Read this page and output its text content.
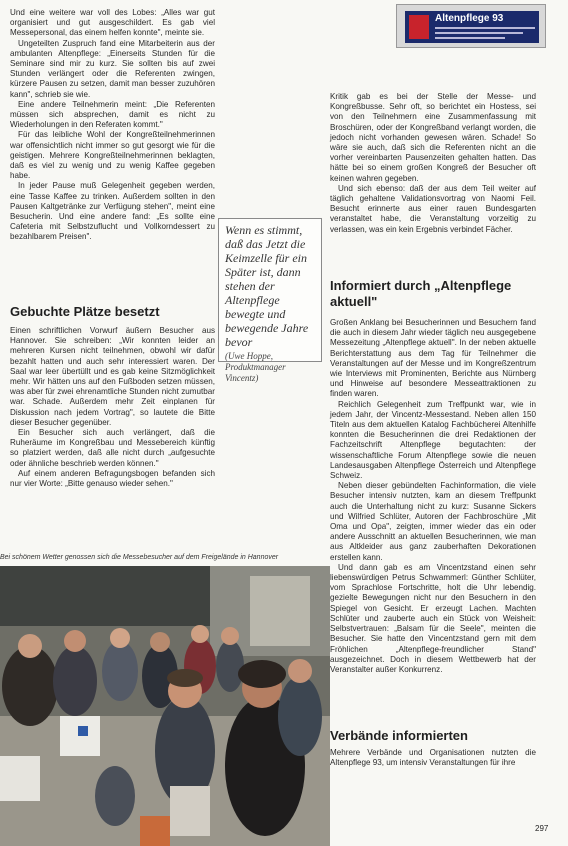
Altenpflege 93

Und eine weitere war voll des Lobes: „Alles war gut organisiert und gut ausgeschildert. Es gab viel Messepersonal, das einem helfen konnte", meinte sie.

Ungeteilten Zuspruch fand eine Mitarbeiterin aus der ambulanten Altenpflege: „Einerseits Stunden für die Seminare sind mir zu kurz. Sie sollten bis auf zwei Stunden verlängert oder die Referenten zwingen, kürzere Pausen zu setzen, damit man besser zuzuhören kann", schrieb sie wie.

Eine andere Teilnehmerin meint: „Die Referenten müssen sich absprechen, damit es nicht zu Wiederholungen in den Referaten kommt."

Für das leibliche Wohl der Kongreßteilnehmerinnen war offensichtlich nicht immer so gut gesorgt wie für die geistigen. Mehrere Kongreßteilnehmerinnen beklagten, daß es viel zu wenig und zu wenig Kaffee gegeben habe.

In jeder Pause muß Gelegenheit gegeben werden, eine Tasse Kaffee zu trinken. Außerdem sollten in den Pausen Kaltgetränke zur Verfügung stehen", meint eine Besucherin. Und eine andere fand: „Es sollte eine Cafeteria mit Selbstzuflucht und Vollkorndessert zu bezahlbarem Preisen".

Gebuchte Plätze besetzt

Einen schriftlichen Vorwurf äußern Besucher aus Hannover. Sie schreiben: „Wir konnten leider an mehreren Kursen nicht teilnehmen, obwohl wir dafür bezahlt hatten und auch sehr interessiert waren. Der Saal war leer übertüllt und es gab keine Sitzmöglichkeit mehr. Wir hätten uns auf den Fußboden setzen müssen, was aber für zwei ehrenamtliche Stunden nicht zumutbar war. Schade. Außerdem mehr Zeit einplanen für Diskussion nach jedem Vortrag", so lautete die Bitte dieser Besucher gegenüber.

Ein Besucher sich auch verlängert, daß die Ruheräume im Kongreßbau und Messebereich künftig so platziert werden, daß alle nicht durch „aufgesuchte oder ähnliche beschrieb werden können."

Auf einem anderen Befragungsbogen befanden sich nur vier Worte: „Bitte genauso wieder sehen."

Wenn es stimmt, daß das Jetzt die Keimzelle für ein Später ist, dann stehen der Altenpflege bewegte und bewegende Jahre bevor
(Uwe Hoppe, Produktmanager Vincentz)

Kritik gab es bei der Stelle der Messe- und Kongreßbusse. Sehr oft, so berichtet ein Hostess, sei von den Teilnehmern eine Zusammenfassung mit Broschüren, oder der Kongreßband verlangt worden, die jedoch nicht vorhanden gewesen wären. Schade! So wäre sie auch, daß sich die Referenten nicht an die vorher vereinbarten Pausenzeiten gehalten hatten. Das hätte bei so einem großen Kongreß der Besucher oft keinen wahren gegeben.

Und sich ebenso: daß der aus dem Teil weiter auf täglich gehaltene Validationsvortrag von Naomi Feil. Besucht erinnerte aus einer rauen Bundesgarten veranstaltet habe, die Veranstaltung vorzeitig zu verlassen, was ein kein Ergebnis verbindet Fächer.

Informiert durch „Altenpflege aktuell"

Großen Anklang bei Besucherinnen und Besuchern fand die auch in diesem Jahr wieder täglich neu ausgegebene Messezeitung „Altenpflege aktuell". In der neben aktuelle Berichterstattung aus dem Tag für Teilnehmer die Veranstaltungen auf der Messe und im Kongreßzentrum wie Interviews mit Prominenten, Berichte aus Nürnberg und Hinweise auf besondere Messeattraktionen zu finden waren.

Reichlich Gelegenheit zum Treffpunkt war, wie in jedem Jahr, der Vincentz-Messestand. Neben allen 150 Titeln aus dem aktuellen Katalog Fachbücherei Altenhilfe konnten die Besucherinnen die drei Redaktionen der Fachzeitschrift Altenpflege begutachten: der wissenschaftliche Forum Altenpflege sowie die neuen Landesausgaben Altenpflege Österreich und Altenpflege Schweiz.

Neben dieser gebündelten Fachinformation, die viele Besucher intensiv nutzten, kam an diesem Treffpunkt auch die Unterhaltung nicht zu kurz: Susanne Sickers und Wilfried Schlüter, Autoren der Fachbroschüre „Mit Oma und Opa", zeigten, immer wieder das ein oder andere Ausschnitt an aktuellen Besucherinnen, wie man aus Altkleider aus ganz zauberhaften Dekorationen erstellen kann.

Und dann gab es am Vincentzstand einen sehr liebenswürdigen Petrus Schwammerl: Günther Schlüter, vom Sprachlose Fortschritte, holt die Uhr lebendig. gezielte Bewegungen nicht nur den Besuchern in den Spiegel von Gesicht. Er erzeugt Lachen. Machten Schlüter und zauberte auch ein Stück von Weisheit: Selbstvertrauen: „Balsam für die Seele", meinten die Besucher. Sie hatte den Vincentzstand gern mit dem Fröhlichen „Altenpflege-freundlicher Stand" ausgezeichnet. Doch in diesem Wettbewerb hat der Veranstalter außer Konkurrenz.

Verbände informierten

Mehrere Verbände und Organisationen nutzten die Altenpflege 93, um intensiv Veranstaltungen für ihre

Bei schönem Wetter genossen sich die Messebesucher auf dem Freigelände in Hannover
297
